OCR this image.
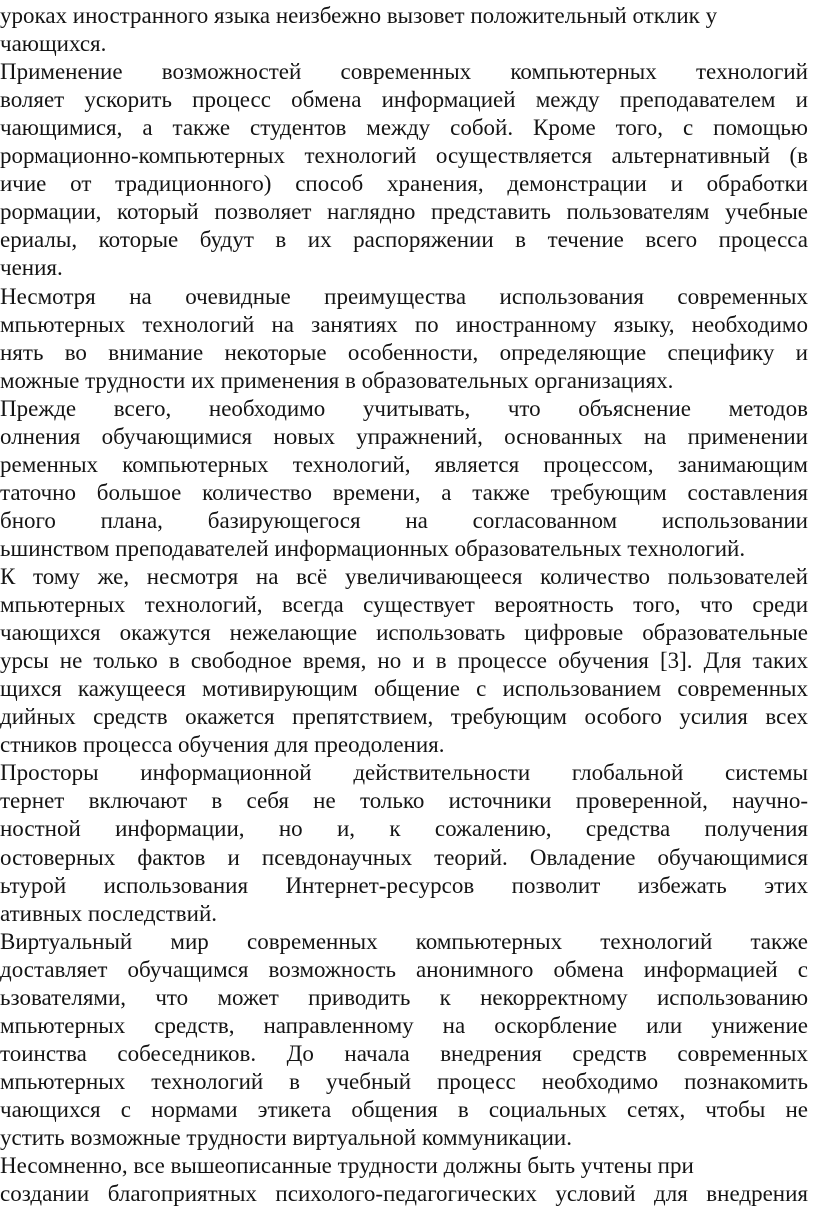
уроках иностранного языка неизбежно вызовет положительный отклик у
чающихся.
Применение возможностей современных компьютерных технологий
воляет ускорить процесс обмена информацией между преподавателем и
чающимися, а также студентов между собой. Кроме того, с помощью
рормационно-компьютерных технологий осуществляется альтернативный (в
ичие от традиционного) способ хранения, демонстрации и обработки
рормации, который позволяет наглядно представить пользователям учебные
ериалы, которые будут в их распоряжении в течение всего процесса
чения.
Несмотря на очевидные преимущества использования современных
мпьютерных технологий на занятиях по иностранному языку, необходимо
нять во внимание некоторые особенности, определяющие специфику и
можные трудности их применения в образовательных организациях.
Прежде всего, необходимо учитывать, что объяснение методов
олнения обучающимися новых упражнений, основанных на применении
ременных компьютерных технологий, является процессом, занимающим
таточно большое количество времени, а также требующим составления
бного плана, базирующегося на согласованном использовании
ьшинством преподавателей информационных образовательных технологий.
К тому же, несмотря на всё увеличивающееся количество пользователей
мпьютерных технологий, всегда существует вероятность того, что среди
чающихся окажутся нежелающие использовать цифровые образовательные
урсы не только в свободное время, но и в процессе обучения [3]. Для таких
щихся кажущееся мотивирующим общение с использованием современных
дийных средств окажется препятствием, требующим особого усилия всех
стников процесса обучения для преодоления.
Просторы информационной действительности глобальной системы
тернет включают в себя не только источники проверенной, научно-
ностной информации, но и, к сожалению, средства получения
остоверных фактов и псевдонаучных теорий. Овладение обучающимися
ьтурой использования Интернет-ресурсов позволит избежать этих
ативных последствий.
Виртуальный мир современных компьютерных технологий также
доставляет обучащимся возможность анонимного обмена информацией с
ьзователями, что может приводить к некорректному использованию
мпьютерных средств, направленному на оскорбление или унижение
тоинства собеседников. До начала внедрения средств современных
мпьютерных технологий в учебный процесс необходимо познакомить
чающихся с нормами этикета общения в социальных сетях, чтобы не
устить возможные трудности виртуальной коммуникации.
Несомненно, все вышеописанные трудности должны быть учтены при
создании благоприятных психолого-педагогических условий для внедрения
